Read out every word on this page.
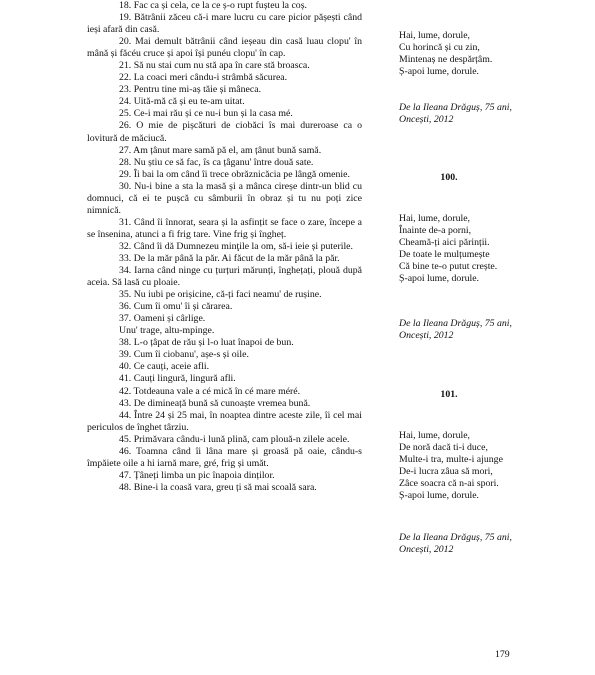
18. Fac ca și cela, ce la ce ș-o rupt fușteu la coș.

19. Bătrânii zăceu că-i mare lucru cu care picior pășești când ieși afară din casă.

20. Mai demult bătrânii când ieșeau din casă luau clopu' în mână și făcéu cruce și apoi își punéu clopu' în cap.

21. Să nu stai cum nu stă apa în care stă broasca.

22. La coaci meri cându-i strâmbă săcurea.

23. Pentru tine mi-aș tăie și mâneca.

24. Uită-mă că și eu te-am uitat.

25. Ce-i mai rău și ce nu-i bun și la casa mé.

26. O mie de pișcături de ciobăci îs mai dureroase ca o lovitură de măciucă.

27. Am țânut mare samă pă el, am țânut bună samă.

28. Nu știu ce să fac, îs ca țâganu' între două sate.

29. Îi bai la om când îi trece obrăznicăcia pe lângă omenie.

30. Nu-i bine a sta la masă și a mânca cireșe dintr-un blid cu domnuci, că ei te pușcă cu sâmburii în obraz și tu nu poți zice nimnică.

31. Când îi înnorat, seara și la asfințit se face o zare, începe a se însenina, atunci a fi frig tare. Vine frig și îngheț.

32. Când îi dă Dumnezeu minţile la om, să-i ieie și puterile.

33. De la măr până la păr. Ai făcut de la măr până la păr.

34. Iarna când ninge cu țurțuri mărunți, înghețați, plouă după aceia. Să lasă cu ploaie.

35. Nu iubi pe orișicine, că-ți faci neamu' de rușine.

36. Cum îi omu' îi și cărarea.

37. Oameni și cârlige.

Unu' trage, altu-mpinge.

38. L-o țâpat de rău și l-o luat înapoi de bun.

39. Cum îi ciobanu', așe-s și oile.

40. Ce cauți, aceie afli.

41. Cauți lingură, lingură afli.

42. Totdeauna vale a cé mică în cé mare méré.

43. De dimineață bună să cunoaște vremea bună.

44. Între 24 și 25 mai, în noaptea dintre aceste zile, îi cel mai periculos de înghet târziu.

45. Primăvara cându-i lună plină, cam plouă-n zilele acele.

46. Toamna când îi lâna mare și groasă pă oaie, cându-s împăiete oile a hi iarnă mare, gré, frig și umăt.

47. Țâneți limba un pic înapoia dinților.

48. Bine-i la coasă vara, greu ți să mai scoală sara.

Hai, lume, dorule,
Cu horincă și cu zin,
Mintenaș ne despărțâm.
Ș-apoi lume, dorule.
De la Ileana Drăguș, 75 ani,
Oncești, 2012
100.
Hai, lume, dorule,
Înainte de-a porni,
Cheamă-ți aici părinții.
De toate le mulțumește
Că bine te-o putut crește.
Ș-apoi lume, dorule.
De la Ileana Drăguș, 75 ani,
Oncești, 2012
101.
Hai, lume, dorule,
De noră dacă ti-i duce,
Multe-i tra, multe-i ajunge
De-i lucra zâua să mori,
Zâce soacra că n-ai spori.
Ș-apoi lume, dorule.
De la Ileana Drăguș, 75 ani,
Oncești, 2012
179
